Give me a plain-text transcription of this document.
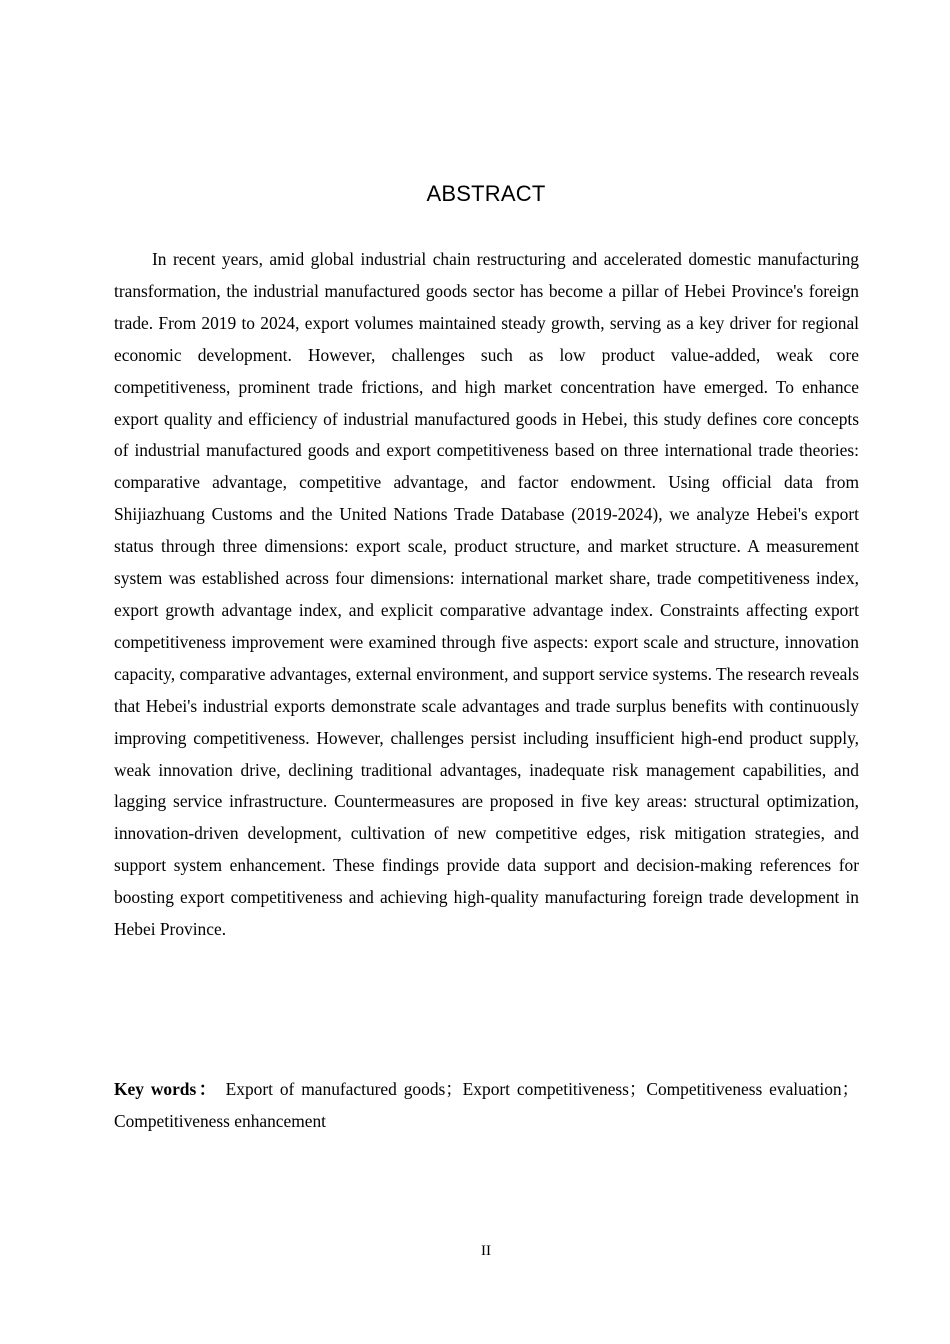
ABSTRACT

In recent years, amid global industrial chain restructuring and accelerated domestic manufacturing transformation, the industrial manufactured goods sector has become a pillar of Hebei Province's foreign trade. From 2019 to 2024, export volumes maintained steady growth, serving as a key driver for regional economic development. However, challenges such as low product value-added, weak core competitiveness, prominent trade frictions, and high market concentration have emerged. To enhance export quality and efficiency of industrial manufactured goods in Hebei, this study defines core concepts of industrial manufactured goods and export competitiveness based on three international trade theories: comparative advantage, competitive advantage, and factor endowment. Using official data from Shijiazhuang Customs and the United Nations Trade Database (2019-2024), we analyze Hebei's export status through three dimensions: export scale, product structure, and market structure. A measurement system was established across four dimensions: international market share, trade competitiveness index, export growth advantage index, and explicit comparative advantage index. Constraints affecting export competitiveness improvement were examined through five aspects: export scale and structure, innovation capacity, comparative advantages, external environment, and support service systems. The research reveals that Hebei's industrial exports demonstrate scale advantages and trade surplus benefits with continuously improving competitiveness. However, challenges persist including insufficient high-end product supply, weak innovation drive, declining traditional advantages, inadequate risk management capabilities, and lagging service infrastructure. Countermeasures are proposed in five key areas: structural optimization, innovation-driven development, cultivation of new competitive edges, risk mitigation strategies, and support system enhancement. These findings provide data support and decision-making references for boosting export competitiveness and achieving high-quality manufacturing foreign trade development in Hebei Province.

Key words： Export of manufactured goods；Export competitiveness；Competitiveness evaluation；Competitiveness enhancement

II
